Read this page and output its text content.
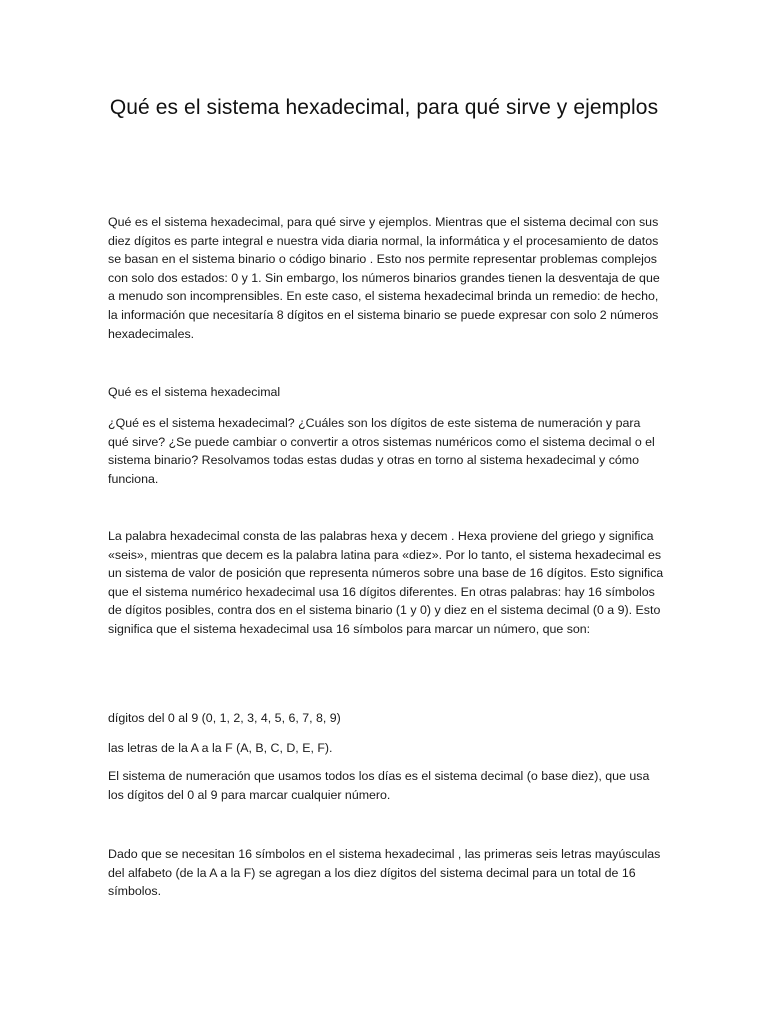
Qué es el sistema hexadecimal, para qué sirve y ejemplos

Qué es el sistema hexadecimal, para qué sirve y ejemplos. Mientras que el sistema decimal con sus diez dígitos es parte integral e nuestra vida diaria normal, la informática y el procesamiento de datos se basan en el sistema binario o código binario . Esto nos permite representar problemas complejos con solo dos estados: 0 y 1. Sin embargo, los números binarios grandes tienen la desventaja de que a menudo son incomprensibles. En este caso, el sistema hexadecimal brinda un remedio: de hecho, la información que necesitaría 8 dígitos en el sistema binario se puede expresar con solo 2 números hexadecimales.

Qué es el sistema hexadecimal

¿Qué es el sistema hexadecimal? ¿Cuáles son los dígitos de este sistema de numeración y para qué sirve? ¿Se puede cambiar o convertir a otros sistemas numéricos como el sistema decimal o el sistema binario? Resolvamos todas estas dudas y otras en torno al sistema hexadecimal y cómo funciona.

La palabra hexadecimal consta de las palabras hexa y decem . Hexa proviene del griego y significa «seis», mientras que decem es la palabra latina para «diez». Por lo tanto, el sistema hexadecimal es un sistema de valor de posición que representa números sobre una base de 16 dígitos. Esto significa que el sistema numérico hexadecimal usa 16 dígitos diferentes. En otras palabras: hay 16 símbolos de dígitos posibles, contra dos en el sistema binario (1 y 0) y diez en el sistema decimal (0 a 9). Esto significa que el sistema hexadecimal usa 16 símbolos para marcar un número, que son:

dígitos del 0 al 9 (0, 1, 2, 3, 4, 5, 6, 7, 8, 9)

las letras de la A a la F (A, B, C, D, E, F).

El sistema de numeración que usamos todos los días es el sistema decimal (o base diez), que usa los dígitos del 0 al 9 para marcar cualquier número.

Dado que se necesitan 16 símbolos en el sistema hexadecimal , las primeras seis letras mayúsculas del alfabeto (de la A a la F) se agregan a los diez dígitos del sistema decimal para un total de 16 símbolos.
